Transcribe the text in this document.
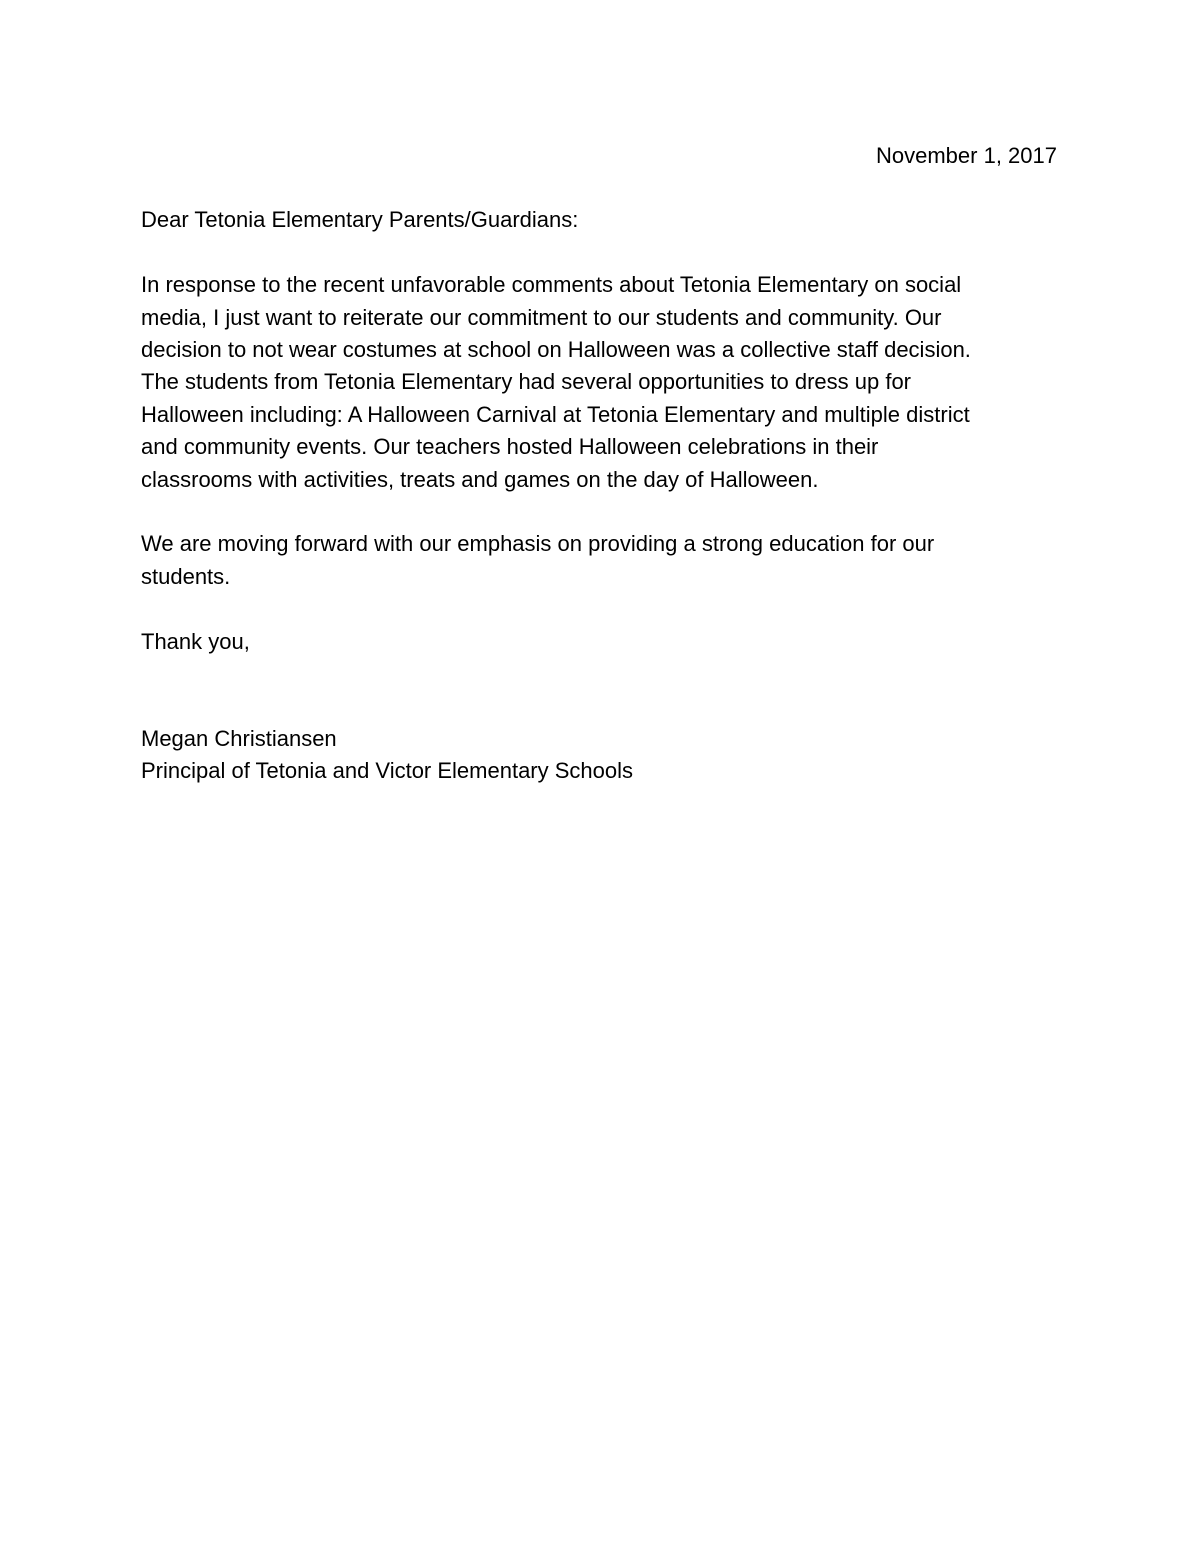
November 1, 2017
Dear Tetonia Elementary Parents/Guardians:
In response to the recent unfavorable comments about Tetonia Elementary on social
media, I just want to reiterate our commitment to our students and community. Our
decision to not wear costumes at school on Halloween was a collective staff decision.
The students from Tetonia Elementary had several opportunities to dress up for
Halloween including: A Halloween Carnival at Tetonia Elementary and multiple district
and community events. Our teachers hosted Halloween celebrations in their
classrooms with activities, treats and games on the day of Halloween.
We are moving forward with our emphasis on providing a strong education for our
students.
Thank you,
Megan Christiansen
Principal of Tetonia and Victor Elementary Schools
